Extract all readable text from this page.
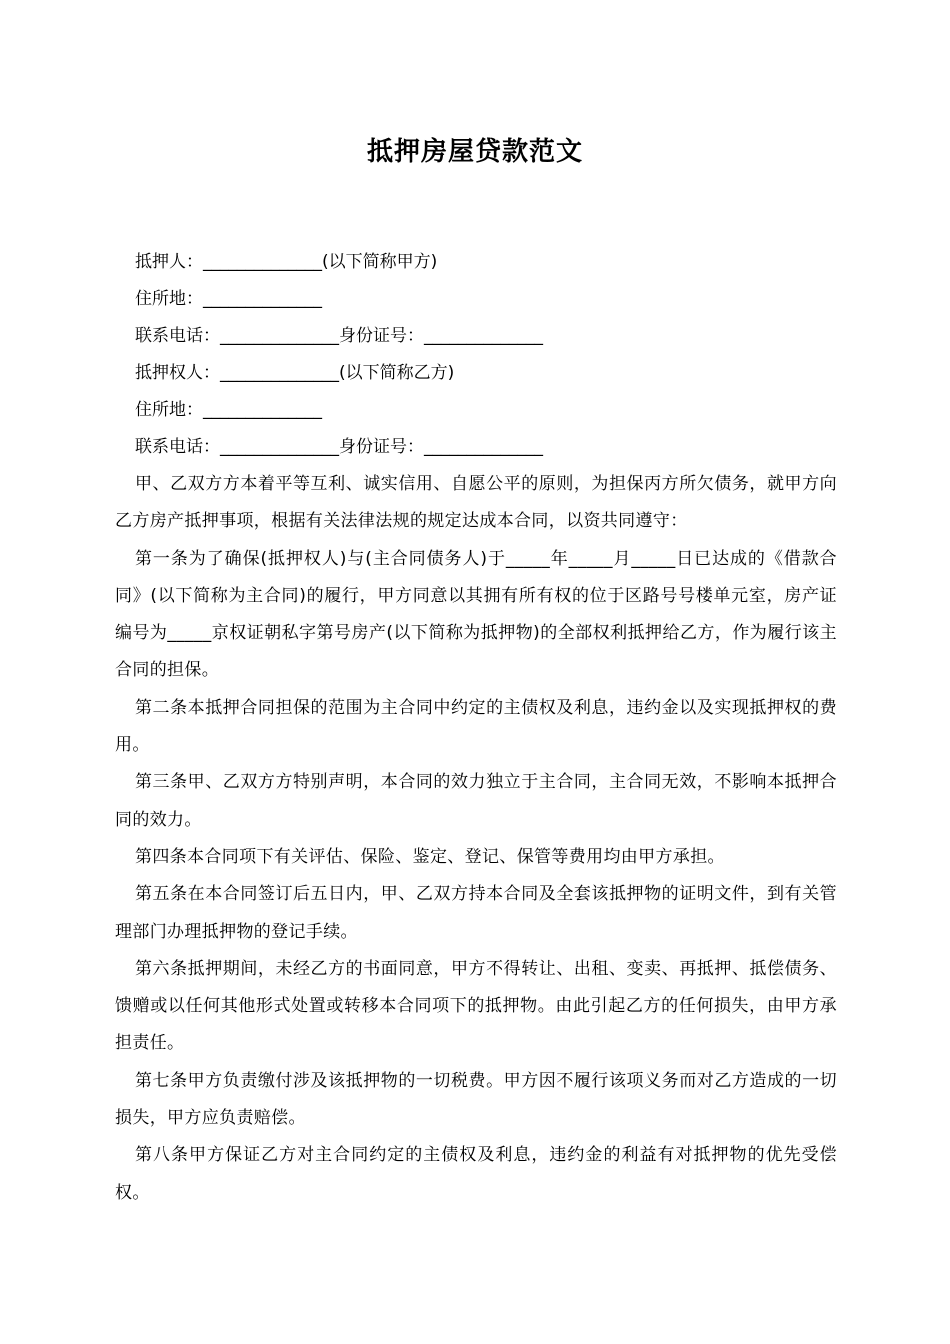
抵押房屋贷款范文
抵押人：______________(以下简称甲方)
住所地：______________
联系电话：______________身份证号：______________
抵押权人：______________(以下简称乙方)
住所地：______________
联系电话：______________身份证号：______________

甲、乙双方方本着平等互利、诚实信用、自愿公平的原则，为担保丙方所欠债务，就甲方向乙方房产抵押事项，根据有关法律法规的规定达成本合同，以资共同遵守：

第一条为了确保(抵押权人)与(主合同债务人)于_____年_____月_____日已达成的《借款合同》(以下简称为主合同)的履行，甲方同意以其拥有所有权的位于区路号号楼单元室，房产证编号为_____京权证朝私字第号房产(以下简称为抵押物)的全部权利抵押给乙方，作为履行该主合同的担保。

第二条本抵押合同担保的范围为主合同中约定的主债权及利息，违约金以及实现抵押权的费用。

第三条甲、乙双方方特别声明，本合同的效力独立于主合同，主合同无效，不影响本抵押合同的效力。

第四条本合同项下有关评估、保险、鉴定、登记、保管等费用均由甲方承担。

第五条在本合同签订后五日内，甲、乙双方持本合同及全套该抵押物的证明文件，到有关管理部门办理抵押物的登记手续。

第六条抵押期间，未经乙方的书面同意，甲方不得转让、出租、变卖、再抵押、抵偿债务、馈赠或以任何其他形式处置或转移本合同项下的抵押物。由此引起乙方的任何损失，由甲方承担责任。

第七条甲方负责缴付涉及该抵押物的一切税费。甲方因不履行该项义务而对乙方造成的一切损失，甲方应负责赔偿。

第八条甲方保证乙方对主合同约定的主债权及利息，违约金的利益有对抵押物的优先受偿权。
